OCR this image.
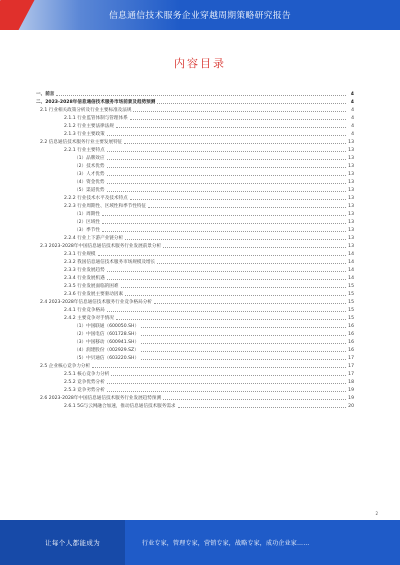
信息通信技术服务企业穿越周期策略研究报告
内容目录
一、前言	4
二、2023-2028年信息通信技术服务市场前景及趋势预测	4
2.1 行业相关政策分析及行业主要标准及法规	4
2.1.1 行业监管体制与管理体系	4
2.1.2 行业主要法律法规	4
2.1.3 行业主要政策	4
2.2 信息通信技术服务行业主要发展特征	13
2.2.1 行业主要特点	13
（1）品牌效应	13
（2）技术优势	13
（3）人才优势	13
（4）资金优势	13
（5）渠道优势	13
2.2.2 行业技术水平及技术特点	13
2.2.3 行业周期性、区域性和季节性特征	13
（1）周期性	13
（2）区域性	13
（3）季节性	13
2.2.4 行业上下游产业链分析	13
2.3 2023-2028年中国信息通信技术服务行业发展前景分析	13
2.3.1 行业规模	14
2.3.2 我国信息通信技术服务市场规模及增长	14
2.3.3 行业发展趋势	14
2.3.4 行业发展机遇	14
2.3.5 行业发展面临的困难	15
2.3.6 行业发展主要驱动因素	15
2.4 2023-2028年信息通信技术服务行业竞争格局分析	15
2.4.1 行业竞争格局	15
2.4.2 主要竞争对手情况	15
（1）中国联通（600050.SH）	16
（2）中国电信（601728.SH）	16
（3）中国移动（600941.SH）	16
（4）润建股份（002929.SZ）	16
（5）中贝通信（603220.SH）	17
2.5 企业核心竞争力分析	17
2.5.1 核心竞争力分析	17
2.5.2 竞争优势分析	18
2.5.3 竞争劣势分析	19
2.6 2023-2028年中国信息通信技术服务行业发展趋势预测	19
2.6.1 5G与云网融合加速，推动信息通信技术服务需求	20
2
让每个人都能成为	行业专家，管理专家，营销专家，战略专家，成功企业家……
